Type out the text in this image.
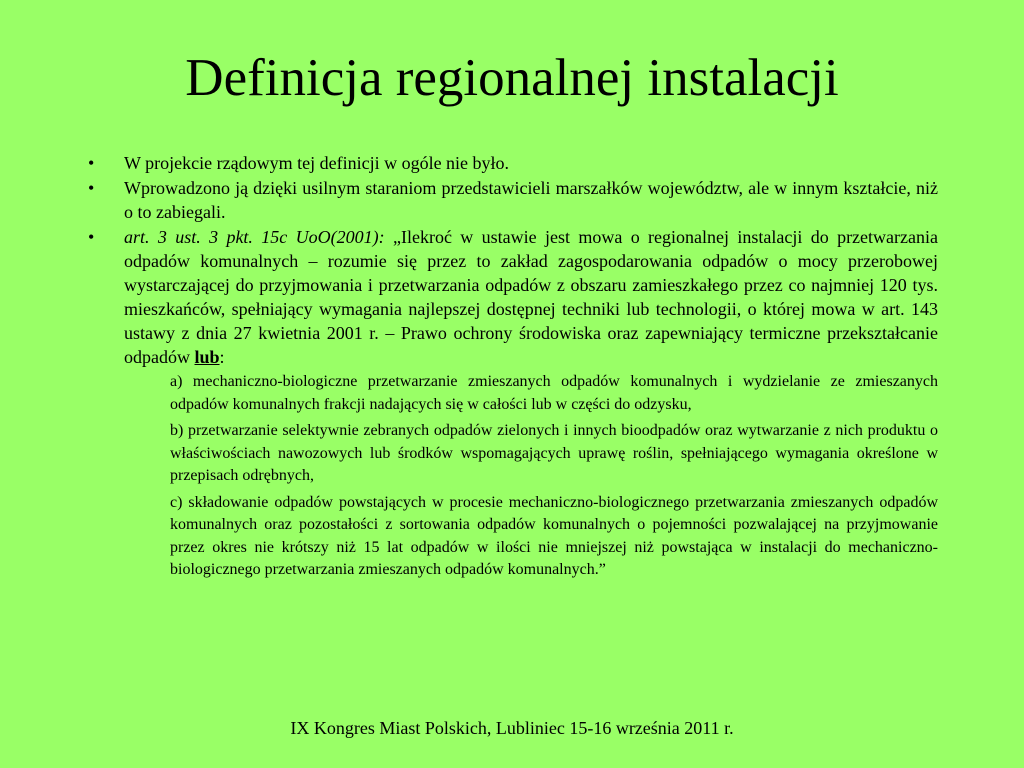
Definicja regionalnej instalacji
• W projekcie rządowym tej definicji w ogóle nie było.
• Wprowadzono ją dzięki usilnym staraniom przedstawicieli marszałków województw, ale w innym kształcie, niż o to zabiegali.
• art. 3 ust. 3 pkt. 15c UoO(2001): „Ilekroć w ustawie jest mowa o regionalnej instalacji do przetwarzania odpadów komunalnych – rozumie się przez to zakład zagospodarowania odpadów o mocy przerobowej wystarczającej do przyjmowania i przetwarzania odpadów z obszaru zamieszkałego przez co najmniej 120 tys. mieszkańców, spełniający wymagania najlepszej dostępnej techniki lub technologii, o której mowa w art. 143 ustawy z dnia 27 kwietnia 2001 r. – Prawo ochrony środowiska oraz zapewniający termiczne przekształcanie odpadów lub:
a) mechaniczno-biologiczne przetwarzanie zmieszanych odpadów komunalnych i wydzielanie ze zmieszanych odpadów komunalnych frakcji nadających się w całości lub w części do odzysku,
b) przetwarzanie selektywnie zebranych odpadów zielonych i innych bioodpadów oraz wytwarzanie z nich produktu o właściwościach nawozowych lub środków wspomagających uprawę roślin, spełniającego wymagania określone w przepisach odrębnych,
c) składowanie odpadów powstających w procesie mechaniczno-biologicznego przetwarzania zmieszanych odpadów komunalnych oraz pozostałości z sortowania odpadów komunalnych o pojemności pozwalającej na przyjmowanie przez okres nie krótszy niż 15 lat odpadów w ilości nie mniejszej niż powstająca w instalacji do mechaniczno-biologicznego przetwarzania zmieszanych odpadów komunalnych.”
IX Kongres Miast Polskich, Lubliniec 15-16 września 2011 r.
